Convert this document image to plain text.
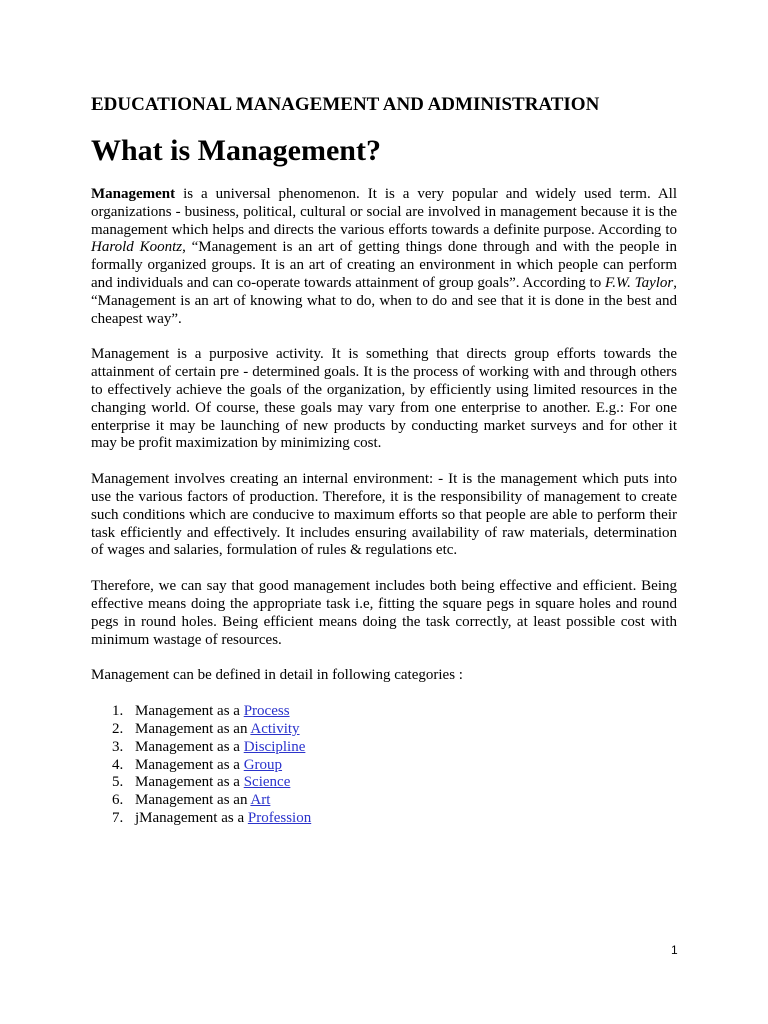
EDUCATIONAL MANAGEMENT AND ADMINISTRATION
What is Management?

Management is a universal phenomenon. It is a very popular and widely used term. All organizations - business, political, cultural or social are involved in management because it is the management which helps and directs the various efforts towards a definite purpose. According to Harold Koontz, “Management is an art of getting things done through and with the people in formally organized groups. It is an art of creating an environment in which people can perform and individuals and can co-operate towards attainment of group goals”. According to F.W. Taylor, “Management is an art of knowing what to do, when to do and see that it is done in the best and cheapest way”.

Management is a purposive activity. It is something that directs group efforts towards the attainment of certain pre - determined goals. It is the process of working with and through others to effectively achieve the goals of the organization, by efficiently using limited resources in the changing world. Of course, these goals may vary from one enterprise to another. E.g.: For one enterprise it may be launching of new products by conducting market surveys and for other it may be profit maximization by minimizing cost.

Management involves creating an internal environment: - It is the management which puts into use the various factors of production. Therefore, it is the responsibility of management to create such conditions which are conducive to maximum efforts so that people are able to perform their task efficiently and effectively. It includes ensuring availability of raw materials, determination of wages and salaries, formulation of rules & regulations etc.

Therefore, we can say that good management includes both being effective and efficient. Being effective means doing the appropriate task i.e, fitting the square pegs in square holes and round pegs in round holes. Being efficient means doing the task correctly, at least possible cost with minimum wastage of resources.

Management can be defined in detail in following categories :

1. Management as a Process
2. Management as an Activity
3. Management as a Discipline
4. Management as a Group
5. Management as a Science
6. Management as an Art
7. jManagement as a Profession
1
